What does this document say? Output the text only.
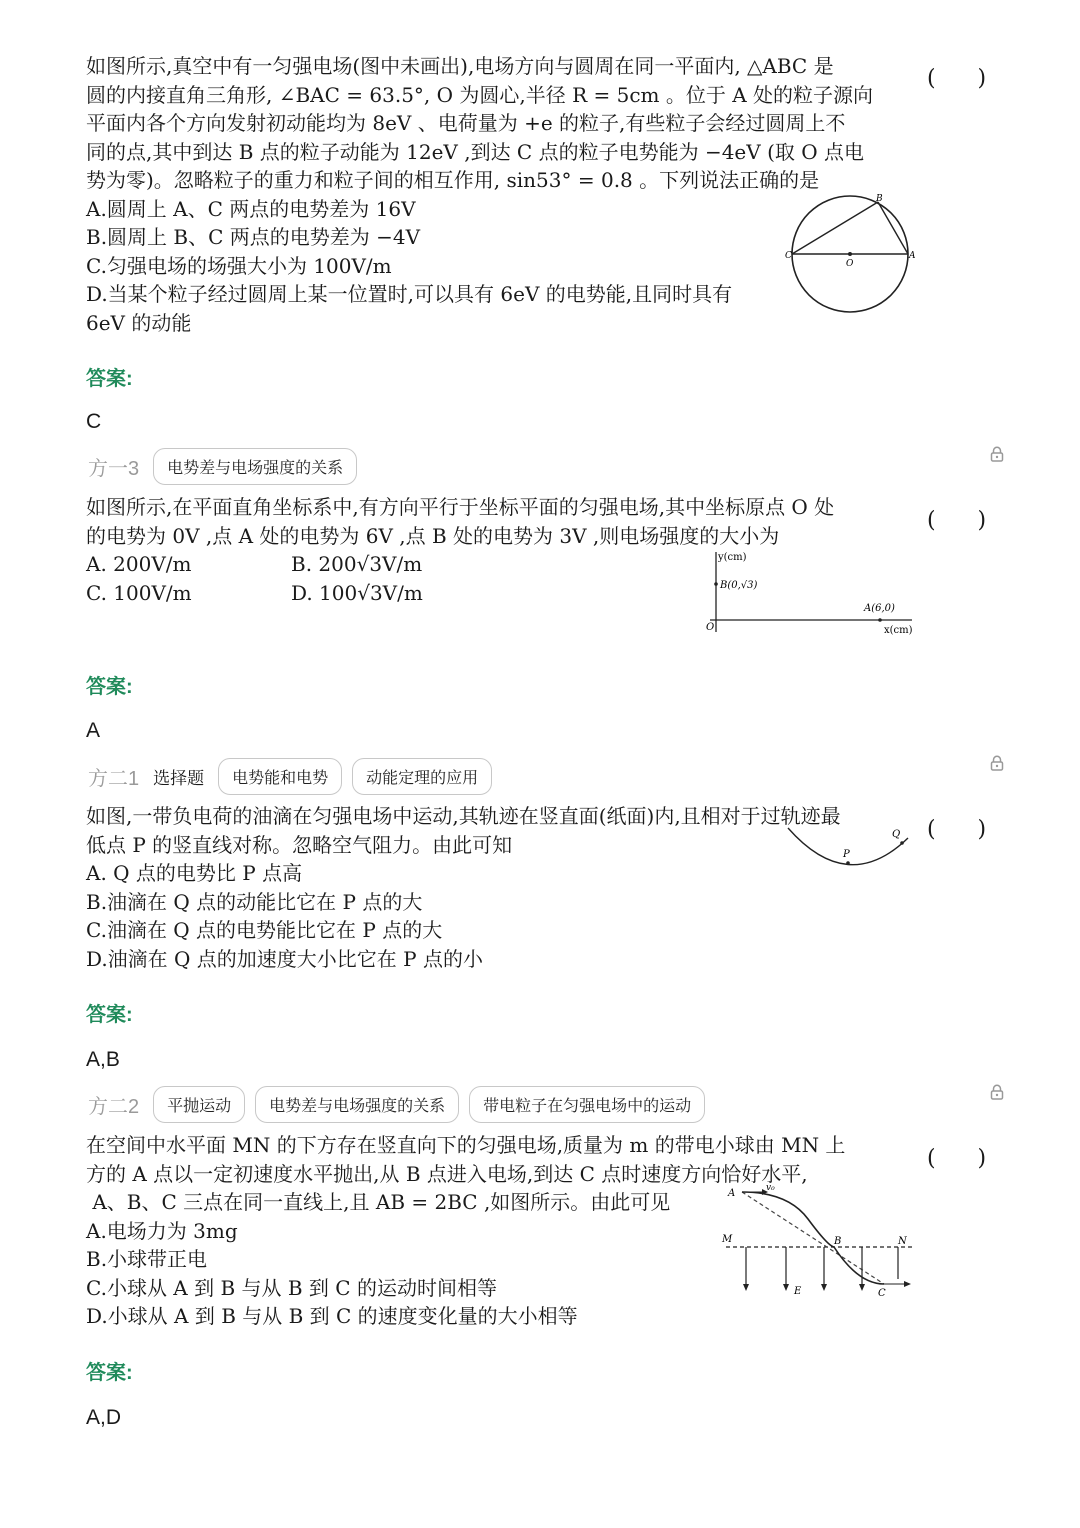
如图所示,真空中有一匀强电场(图中未画出),电场方向与圆周在同一平面内, △ABC 是

圆的内接直角三角形, ∠BAC = 63.5°, O 为圆心,半径 R = 5cm 。位于 A 处的粒子源向

平面内各个方向发射初动能均为 8eV 、电荷量为 +e 的粒子,有些粒子会经过圆周上不

同的点,其中到达 B 点的粒子动能为 12eV ,到达 C 点的粒子电势能为 −4eV (取 O 点电

势为零)。忽略粒子的重力和粒子间的相互作用, sin53° = 0.8 。下列说法正确的是

A.圆周上 A、C 两点的电势差为 16V

B.圆周上 B、C 两点的电势差为 −4V

C.匀强电场的场强大小为 100V/m

D.当某个粒子经过圆周上某一位置时,可以具有 6eV 的电势能,且同时具有

6eV 的动能

(      )
B
C
O
A
答案:
C
方一3	电势差与电场强度的关系

如图所示,在平面直角坐标系中,有方向平行于坐标平面的匀强电场,其中坐标原点 O 处

的电势为 0V ,点 A 处的电势为 6V ,点 B 处的电势为 3V ,则电场强度的大小为

A. 200V/m	B. 200√3V/m

C. 100V/m	D. 100√3V/m

(      )
y(cm)
B(0,√3)
A(6,0)
O	x(cm)
答案:
A
方二1 选择题	电势能和电势	动能定理的应用

如图,一带负电荷的油滴在匀强电场中运动,其轨迹在竖直面(纸面)内,且相对于过轨迹最

低点 P 的竖直线对称。忽略空气阻力。由此可知

A. Q 点的电势比 P 点高

B.油滴在 Q 点的动能比它在 P 点的大

C.油滴在 Q 点的电势能比它在 P 点的大

D.油滴在 Q 点的加速度大小比它在 P 点的小

(      )
P
Q
答案:
A,B
方二2	平抛运动	电势差与电场强度的关系	带电粒子在匀强电场中的运动

在空间中水平面 MN 的下方存在竖直向下的匀强电场,质量为 m 的带电小球由 MN 上

方的 A 点以一定初速度水平抛出,从 B 点进入电场,到达 C 点时速度方向恰好水平,

A、B、C 三点在同一直线上,且 AB = 2BC ,如图所示。由此可见

A.电场力为 3mg

B.小球带正电

C.小球从 A 到 B 与从 B 到 C 的运动时间相等

D.小球从 A 到 B 与从 B 到 C 的速度变化量的大小相等

(      )
A	v₀
M	B	N
E	C
答案:
A,D
